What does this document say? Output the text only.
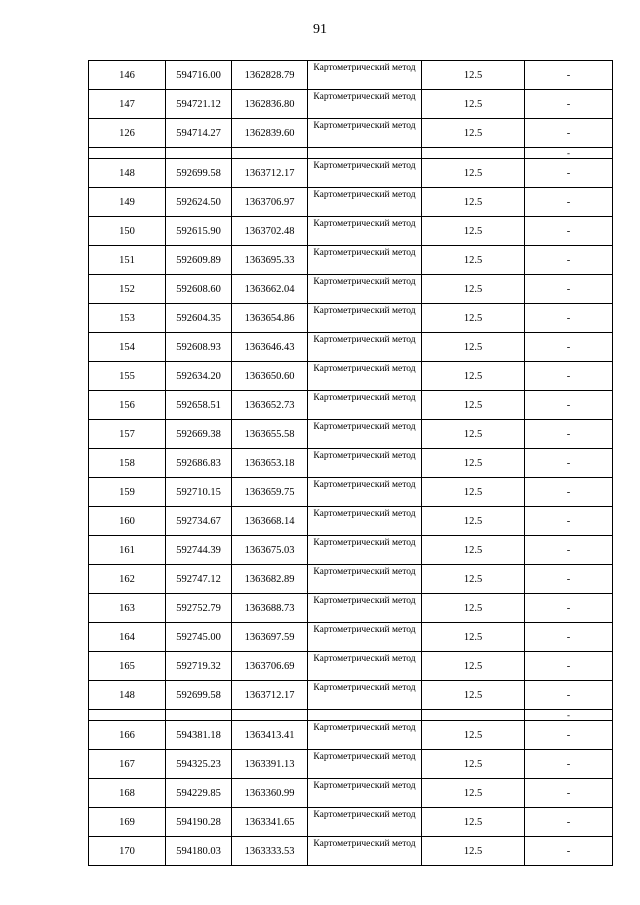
91
146	594716.00	1362828.79	Картометрический метод	12.5	-
147	594721.12	1362836.80	Картометрический метод	12.5	-
126	594714.27	1362839.60	Картометрический метод	12.5	-
					-
148	592699.58	1363712.17	Картометрический метод	12.5	-
149	592624.50	1363706.97	Картометрический метод	12.5	-
150	592615.90	1363702.48	Картометрический метод	12.5	-
151	592609.89	1363695.33	Картометрический метод	12.5	-
152	592608.60	1363662.04	Картометрический метод	12.5	-
153	592604.35	1363654.86	Картометрический метод	12.5	-
154	592608.93	1363646.43	Картометрический метод	12.5	-
155	592634.20	1363650.60	Картометрический метод	12.5	-
156	592658.51	1363652.73	Картометрический метод	12.5	-
157	592669.38	1363655.58	Картометрический метод	12.5	-
158	592686.83	1363653.18	Картометрический метод	12.5	-
159	592710.15	1363659.75	Картометрический метод	12.5	-
160	592734.67	1363668.14	Картометрический метод	12.5	-
161	592744.39	1363675.03	Картометрический метод	12.5	-
162	592747.12	1363682.89	Картометрический метод	12.5	-
163	592752.79	1363688.73	Картометрический метод	12.5	-
164	592745.00	1363697.59	Картометрический метод	12.5	-
165	592719.32	1363706.69	Картометрический метод	12.5	-
148	592699.58	1363712.17	Картометрический метод	12.5	-
					-
166	594381.18	1363413.41	Картометрический метод	12.5	-
167	594325.23	1363391.13	Картометрический метод	12.5	-
168	594229.85	1363360.99	Картометрический метод	12.5	-
169	594190.28	1363341.65	Картометрический метод	12.5	-
170	594180.03	1363333.53	Картометрический метод	12.5	-
